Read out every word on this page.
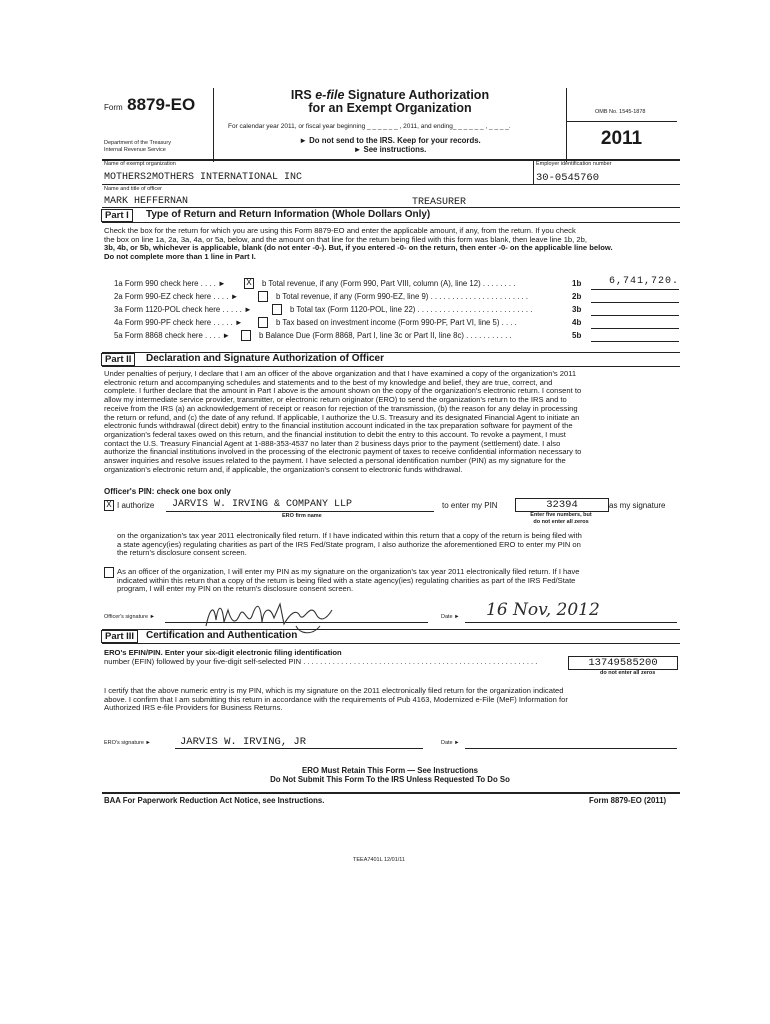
Form 8879-EO
Department of the Treasury
Internal Revenue Service
IRS e-file Signature Authorization
for an Exempt Organization
For calendar year 2011, or fiscal year beginning _ _ _ _ _ _ , 2011, and ending_ _ _ _ _ _ , _ _ _ _.
► Do not send to the IRS. Keep for your records.
► See instructions.
OMB No. 1545-1878
2011
Name of exempt organization
MOTHERS2MOTHERS INTERNATIONAL INC
Employer identification number
30-0545760
Name and title of officer
MARK HEFFERNAN	TREASURER
Part I	Type of Return and Return Information (Whole Dollars Only)
Check the box for the return for which you are using this Form 8879-EO and enter the applicable amount, if any, from the return. If you check
the box on line 1a, 2a, 3a, 4a, or 5a, below, and the amount on that line for the return being filed with this form was blank, then leave line 1b, 2b,
3b, 4b, or 5b, whichever is applicable, blank (do not enter -0-). But, if you entered -0- on the return, then enter -0- on the applicable line below.
Do not complete more than 1 line in Part I.
1a Form 990 check here . . . . ► X b Total revenue, if any (Form 990, Part VIII, column (A), line 12) . . . . . . . .	1b	6,741,720.
2a Form 990-EZ check here . . . . ►	b Total revenue, if any (Form 990-EZ, line 9) . . . . . . . . . . . . . . . . . . . . . . .	2b
3a Form 1120-POL check here . . . . . ►	b Total tax (Form 1120-POL, line 22) . . . . . . . . . . . . . . . . . . . . . . . . . . .	3b
4a Form 990-PF check here . . . . . ►	b Tax based on investment income (Form 990-PF, Part VI, line 5) . . . .	4b
5a Form 8868 check here . . . . ►	b Balance Due (Form 8868, Part I, line 3c or Part II, line 8c) . . . . . . . . . . .	5b
Part II	Declaration and Signature Authorization of Officer
Under penalties of perjury, I declare that I am an officer of the above organization and that I have examined a copy of the organization's 2011
electronic return and accompanying schedules and statements and to the best of my knowledge and belief, they are true, correct, and
complete. I further declare that the amount in Part I above is the amount shown on the copy of the organization's electronic return. I consent to
allow my intermediate service provider, transmitter, or electronic return originator (ERO) to send the organization's return to the IRS and to
receive from the IRS (a) an acknowledgement of receipt or reason for rejection of the transmission, (b) the reason for any delay in processing
the return or refund, and (c) the date of any refund. If applicable, I authorize the U.S. Treasury and its designated Financial Agent to initiate an
electronic funds withdrawal (direct debit) entry to the financial institution account indicated in the tax preparation software for payment of the
organization's federal taxes owed on this return, and the financial institution to debit the entry to this account. To revoke a payment, I must
contact the U.S. Treasury Financial Agent at 1-888-353-4537 no later than 2 business days prior to the payment (settlement) date. I also
authorize the financial institutions involved in the processing of the electronic payment of taxes to receive confidential information necessary to
answer inquiries and resolve issues related to the payment. I have selected a personal identification number (PIN) as my signature for the
organization's electronic return and, if applicable, the organization's consent to electronic funds withdrawal.
Officer's PIN: check one box only
X I authorize JARVIS W. IRVING & COMPANY LLP
ERO firm name
to enter my PIN	32394
Enter five numbers, but
do not enter all zeros
as my signature
on the organization's tax year 2011 electronically filed return. If I have indicated within this return that a copy of the return is being filed with
a state agency(ies) regulating charities as part of the IRS Fed/State program, I also authorize the aforementioned ERO to enter my PIN on
the return's disclosure consent screen.
As an officer of the organization, I will enter my PIN as my signature on the organization's tax year 2011 electronically filed return. If I have
indicated within this return that a copy of the return is being filed with a state agency(ies) regulating charities as part of the IRS Fed/State
program, I will enter my PIN on the return's disclosure consent screen.
Officer's signature ►	Date ► 16 Nov, 2012
Part III	Certification and Authentication
ERO's EFIN/PIN. Enter your six-digit electronic filing identification
number (EFIN) followed by your five-digit self-selected PIN . . . . . . . . . . . . . . . . . . . . . . . . . . . . . . . . . . . . . . . . . . . . . . . . . . . . . . . .	13749585200
do not enter all zeros
I certify that the above numeric entry is my PIN, which is my signature on the 2011 electronically filed return for the organization indicated
above. I confirm that I am submitting this return in accordance with the requirements of Pub 4163, Modernized e-File (MeF) Information for
Authorized IRS e-file Providers for Business Returns.
ERO's signature ►	JARVIS W. IRVING, JR	Date ►
ERO Must Retain This Form — See Instructions
Do Not Submit This Form To the IRS Unless Requested To Do So
BAA For Paperwork Reduction Act Notice, see Instructions.	Form 8879-EO (2011)
TEEA7401L 12/01/11
